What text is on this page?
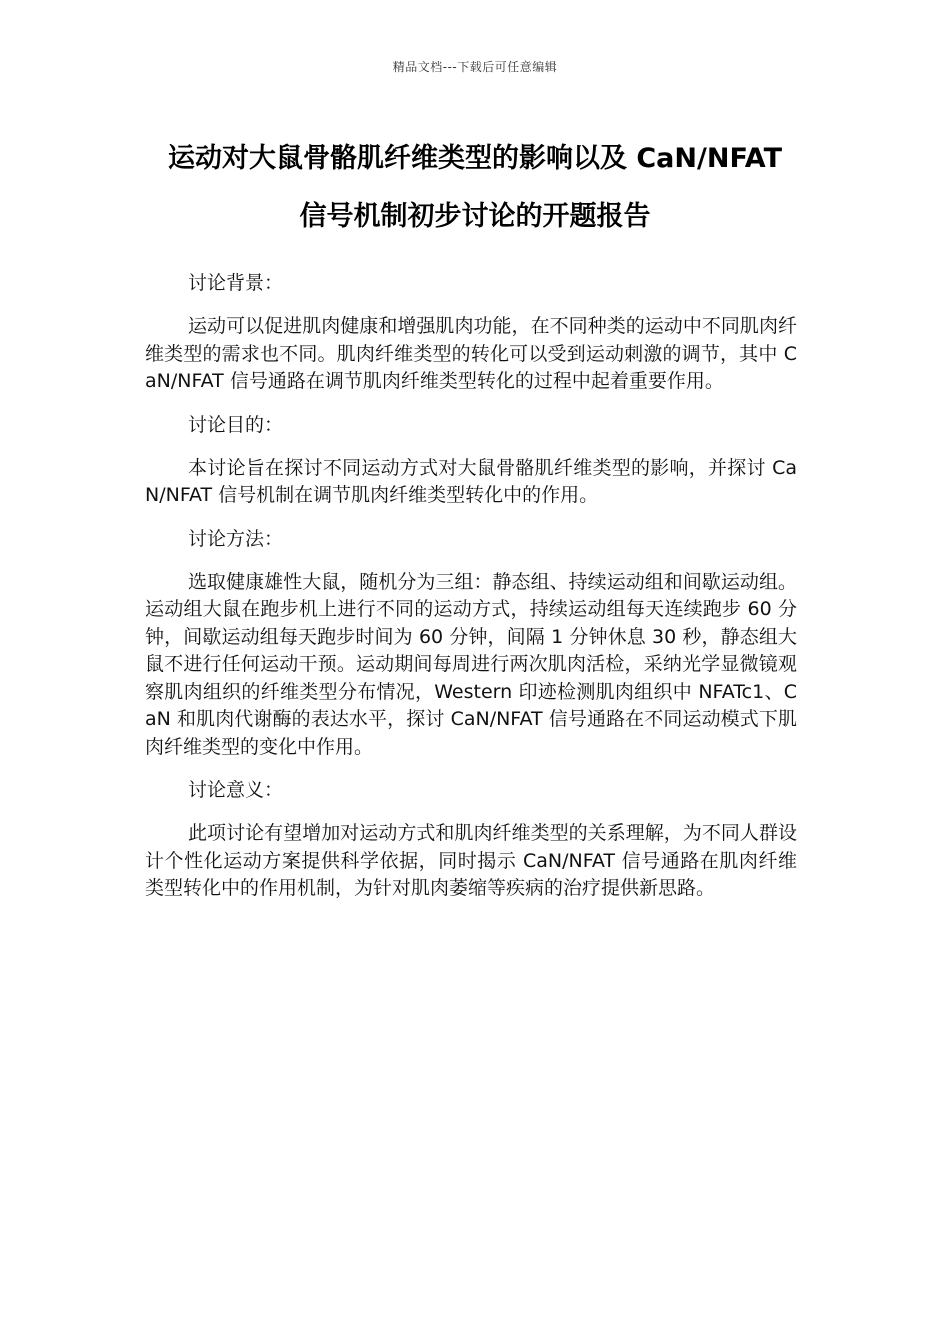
精品文档---下载后可任意编辑
运动对大鼠骨骼肌纤维类型的影响以及 CaN/NFAT
信号机制初步讨论的开题报告
讨论背景：
运动可以促进肌肉健康和增强肌肉功能，在不同种类的运动中不同肌肉纤维类型的需求也不同。肌肉纤维类型的转化可以受到运动刺激的调节，其中 CaN/NFAT 信号通路在调节肌肉纤维类型转化的过程中起着重要作用。
讨论目的：
本讨论旨在探讨不同运动方式对大鼠骨骼肌纤维类型的影响，并探讨 CaN/NFAT 信号机制在调节肌肉纤维类型转化中的作用。
讨论方法：
选取健康雄性大鼠，随机分为三组：静态组、持续运动组和间歇运动组。运动组大鼠在跑步机上进行不同的运动方式，持续运动组每天连续跑步 60 分钟，间歇运动组每天跑步时间为 60 分钟，间隔 1 分钟休息 30 秒，静态组大鼠不进行任何运动干预。运动期间每周进行两次肌肉活检，采纳光学显微镜观察肌肉组织的纤维类型分布情况，Western 印迹检测肌肉组织中 NFATc1、CaN 和肌肉代谢酶的表达水平，探讨 CaN/NFAT 信号通路在不同运动模式下肌肉纤维类型的变化中作用。
讨论意义：
此项讨论有望增加对运动方式和肌肉纤维类型的关系理解，为不同人群设计个性化运动方案提供科学依据，同时揭示 CaN/NFAT 信号通路在肌肉纤维类型转化中的作用机制，为针对肌肉萎缩等疾病的治疗提供新思路。
